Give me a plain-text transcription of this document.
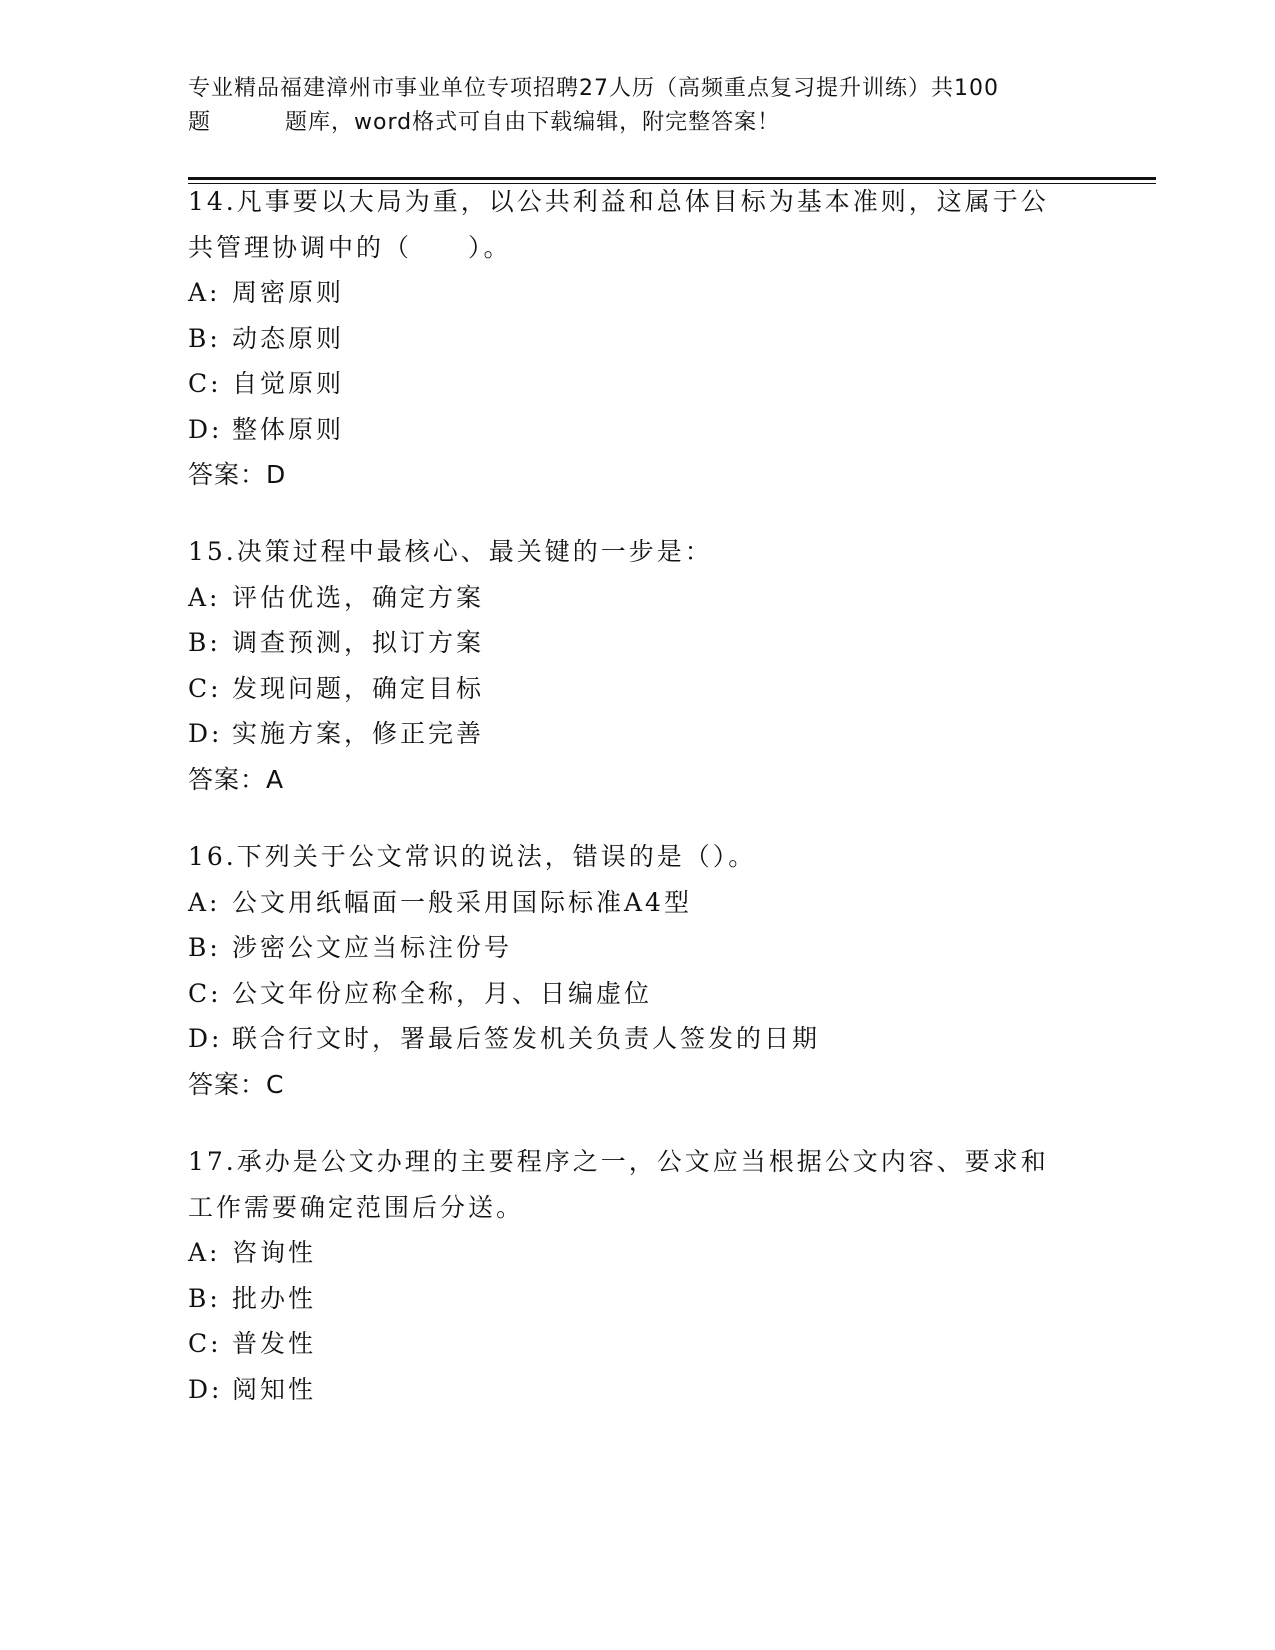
专业精品福建漳州市事业单位专项招聘27人历（高频重点复习提升训练）共100
题	题库，word格式可自由下载编辑，附完整答案！
14.凡事要以大局为重，以公共利益和总体目标为基本准则，这属于公共管理协调中的（　　）。
A: 周密原则
B: 动态原则
C: 自觉原则
D: 整体原则
答案：D
15.决策过程中最核心、最关键的一步是：
A: 评估优选，确定方案
B: 调查预测，拟订方案
C: 发现问题，确定目标
D: 实施方案，修正完善
答案：A
16.下列关于公文常识的说法，错误的是（）。
A: 公文用纸幅面一般采用国际标准A4型
B: 涉密公文应当标注份号
C: 公文年份应称全称，月、日编虚位
D: 联合行文时，署最后签发机关负责人签发的日期
答案：C
17.承办是公文办理的主要程序之一，公文应当根据公文内容、要求和工作需要确定范围后分送。
A: 咨询性
B: 批办性
C: 普发性
D: 阅知性
